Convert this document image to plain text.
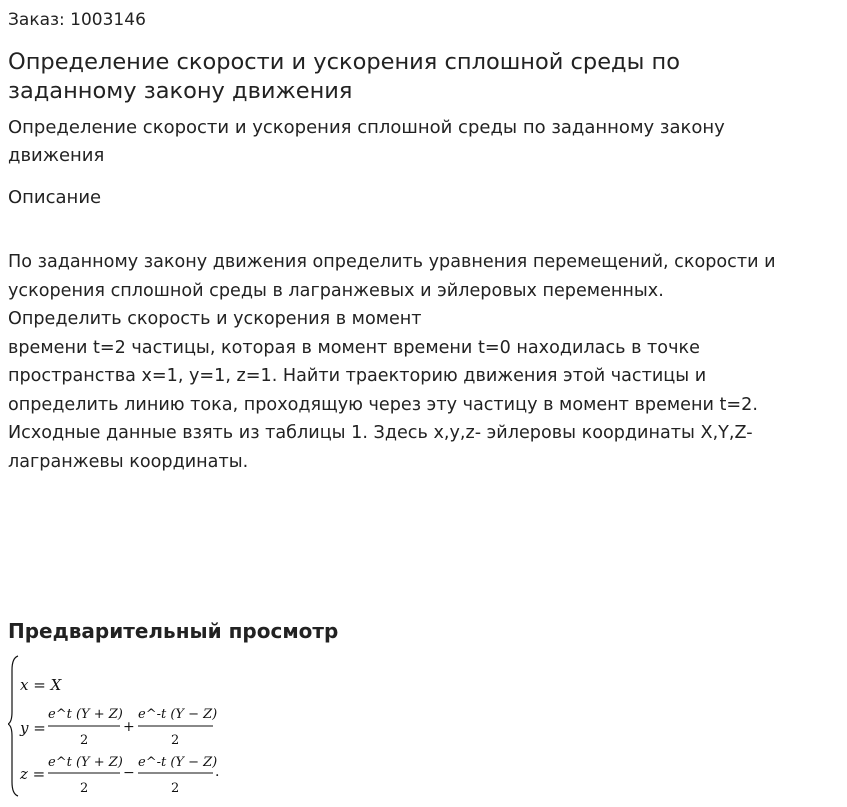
Заказ: 1003146
Определение скорости и ускорения сплошной среды по заданному закону движения

Определение скорости и ускорения сплошной среды по заданному закону движения

Описание
По заданному закону движения определить уравнения перемещений, скорости и
ускорения сплошной среды в лагранжевых и эйлеровых переменных.
Определить скорость и ускорения в момент
времени t=2 частицы, которая в момент времени t=0 находилась в точке
пространства x=1, y=1, z=1. Найти траекторию движения этой частицы и
определить линию тока, проходящую через эту частицу в момент времени t=2.
Исходные данные взять из таблицы 1. Здесь x,y,z- эйлеровы координаты X,Y,Z-
лагранжевы координаты.
Предварительный просмотр
x = X
y =
e^t (Y + Z)
2
+
e^-t (Y − Z)
2
z =
e^t (Y + Z)
2
−
e^-t (Y − Z)
2
.
